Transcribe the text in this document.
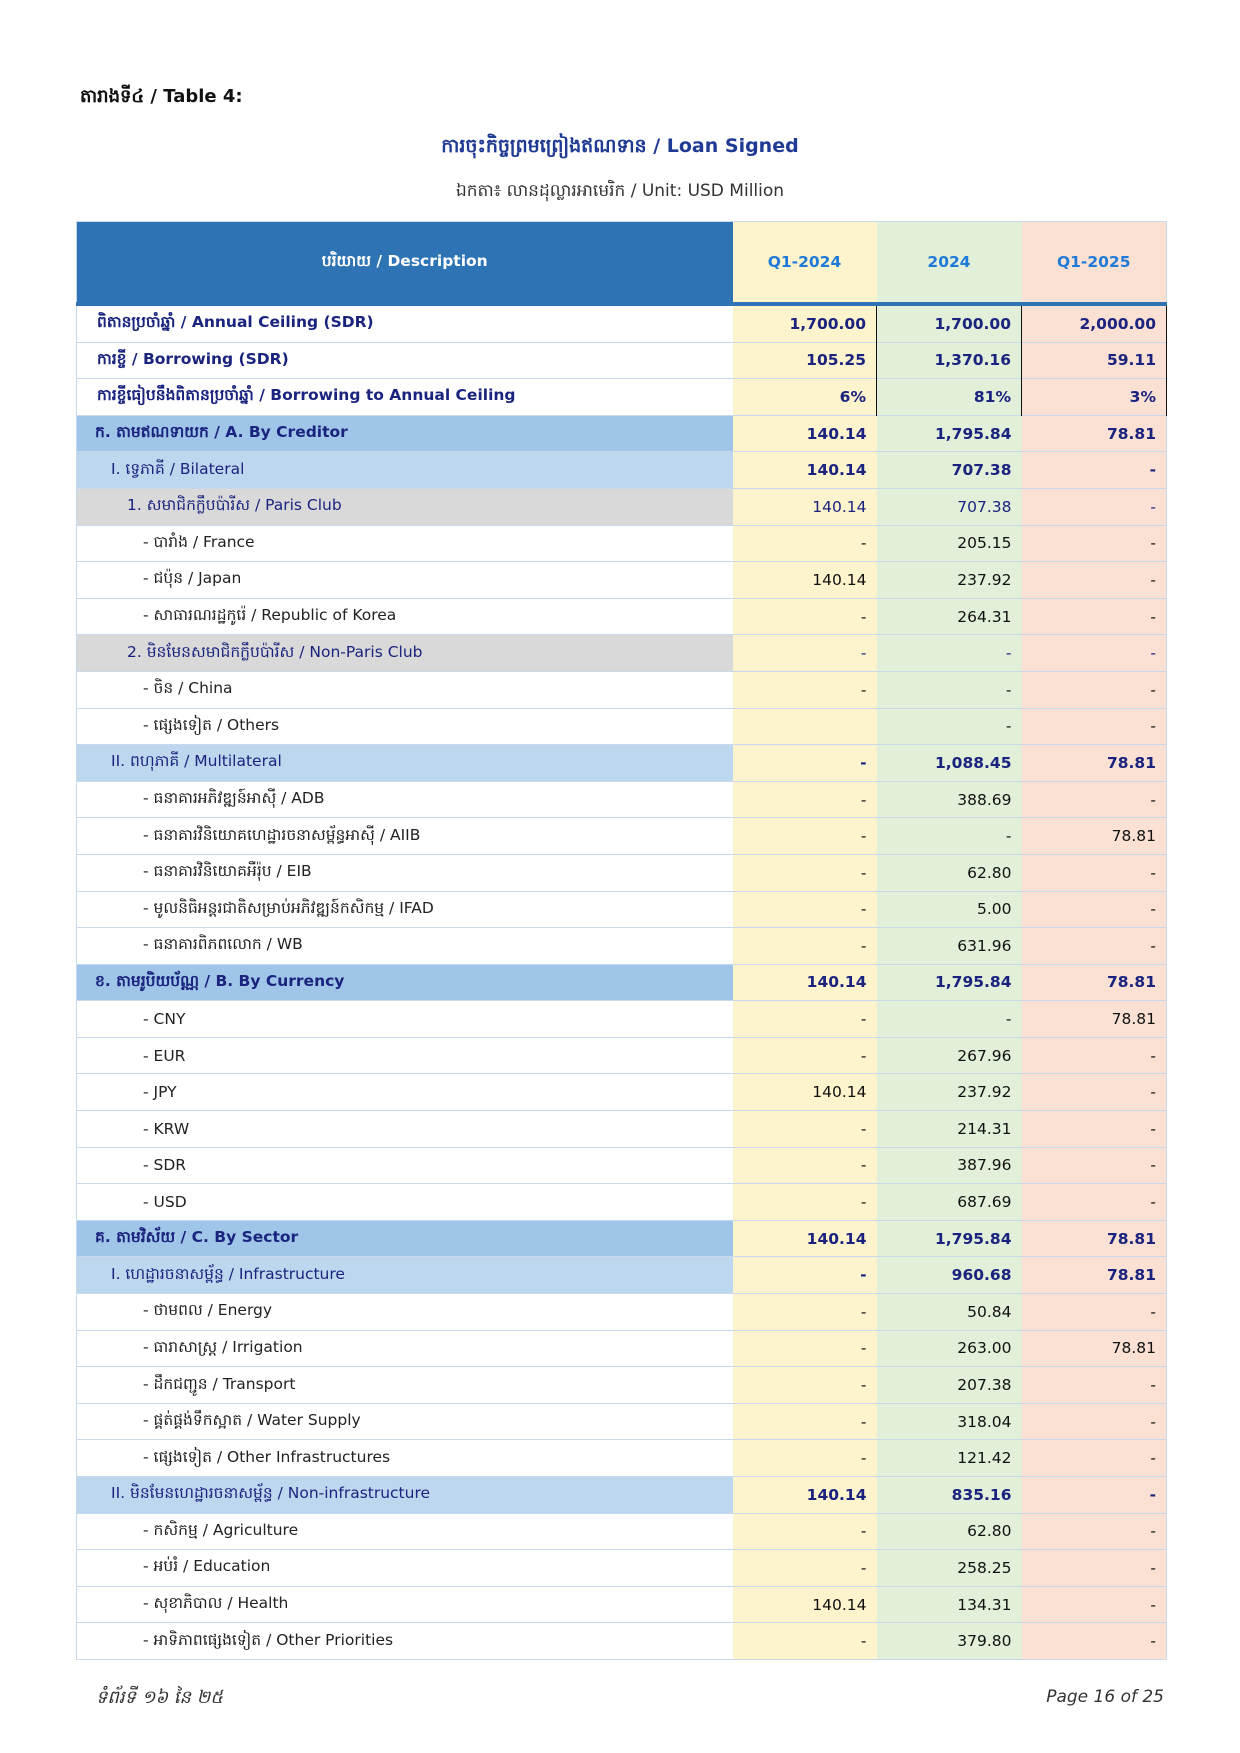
តារាងទី៤ / Table 4:
ការចុះកិច្ចព្រមព្រៀងឥណទាន / Loan Signed
ឯកតា៖ លានដុល្លារអាមេរិក / Unit: USD Million
បរិយាយ / Description	Q1-2024	2024	Q1-2025
ពិតានប្រចាំឆ្នាំ / Annual Ceiling (SDR)	1,700.00	1,700.00	2,000.00
ការខ្ចី / Borrowing (SDR)	105.25	1,370.16	59.11
ការខ្ចីធៀបនឹងពិតានប្រចាំឆ្នាំ / Borrowing to Annual Ceiling	6%	81%	3%
ក. តាមឥណទាយក / A. By Creditor	140.14	1,795.84	78.81
I. ទ្វេភាគី / Bilateral	140.14	707.38	-
1. សមាជិកក្លឹបប៉ារីស / Paris Club	140.14	707.38	-
- បារាំង / France	-	205.15	-
- ជប៉ុន / Japan	140.14	237.92	-
- សាធារណរដ្ឋកូរ៉េ / Republic of Korea	-	264.31	-
2. មិនមែនសមាជិកក្លឹបប៉ារីស / Non-Paris Club	-	-	-
- ចិន / China	-	-	-
- ផ្សេងទៀត / Others		-	-
II. ពហុភាគី / Multilateral	-	1,088.45	78.81
- ធនាគារអភិវឌ្ឍន៍អាស៊ី / ADB	-	388.69	-
- ធនាគារវិនិយោគហេដ្ឋារចនាសម្ព័ន្ធអាស៊ី / AIIB	-	-	78.81
- ធនាគារវិនិយោគអឺរ៉ុប / EIB	-	62.80	-
- មូលនិធិអន្តរជាតិសម្រាប់អភិវឌ្ឍន៍កសិកម្ម / IFAD	-	5.00	-
- ធនាគារពិភពលោក / WB	-	631.96	-
ខ. តាមរូបិយប័ណ្ណ / B. By Currency	140.14	1,795.84	78.81
- CNY	-	-	78.81
- EUR	-	267.96	-
- JPY	140.14	237.92	-
- KRW	-	214.31	-
- SDR	-	387.96	-
- USD	-	687.69	-
គ. តាមវិស័យ / C. By Sector	140.14	1,795.84	78.81
I. ហេដ្ឋារចនាសម្ព័ន្ធ / Infrastructure	-	960.68	78.81
- ថាមពល / Energy	-	50.84	-
- ធារាសាស្ត្រ / Irrigation	-	263.00	78.81
- ដឹកជញ្ជូន / Transport	-	207.38	-
- ផ្គត់ផ្គង់ទឹកស្អាត / Water Supply	-	318.04	-
- ផ្សេងទៀត / Other Infrastructures	-	121.42	-
II. មិនមែនហេដ្ឋារចនាសម្ព័ន្ធ / Non-infrastructure	140.14	835.16	-
- កសិកម្ម / Agriculture	-	62.80	-
- អប់រំ / Education	-	258.25	-
- សុខាភិបាល / Health	140.14	134.31	-
- អាទិភាពផ្សេងទៀត / Other Priorities	-	379.80	-
ទំព័រទី ១៦ នៃ ២៥	Page 16 of 25
